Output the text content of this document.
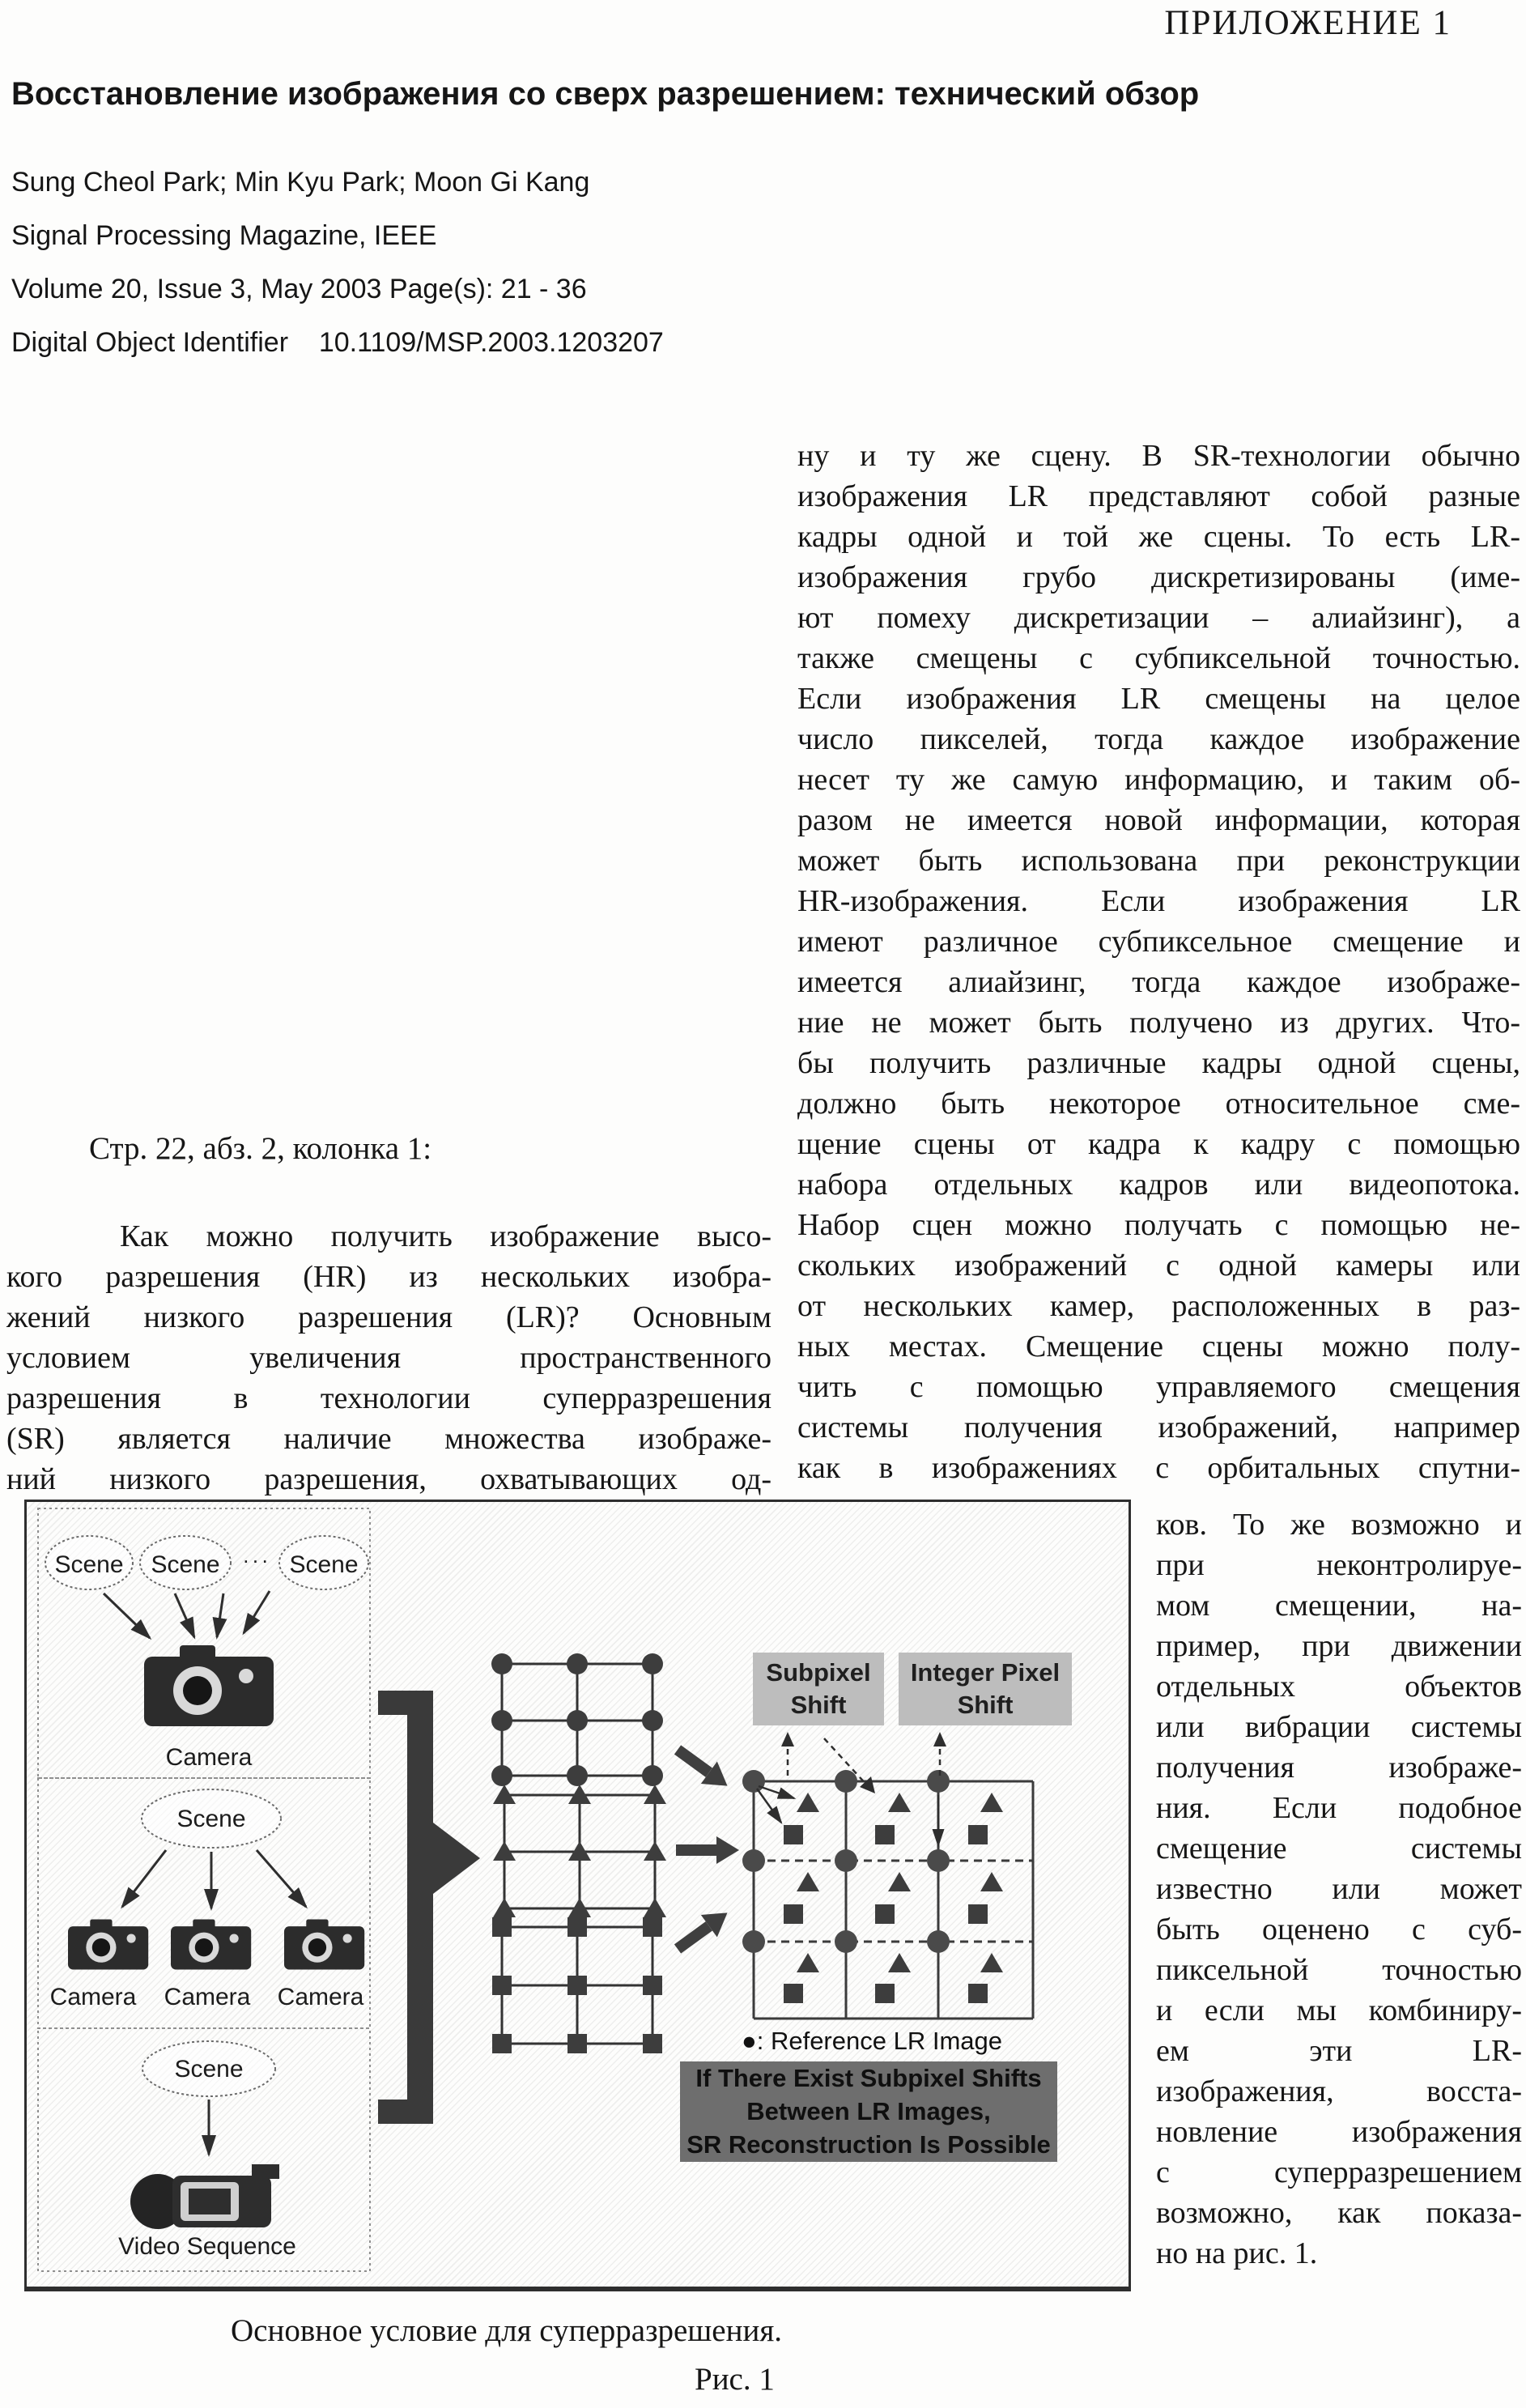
ПРИЛОЖЕНИЕ 1
Восстановление изображения со сверх разрешением: технический обзор
Sung Cheol Park; Min Kyu Park; Moon Gi Kang
Signal Processing Magazine, IEEE
Volume 20, Issue 3, May 2003 Page(s): 21 - 36
Digital Object Identifier    10.1109/MSP.2003.1203207
ну и ту же сцену. В SR-технологии обычно
изображения LR представляют собой разные
кадры одной и той же сцены. То есть LR-
изображения грубо дискретизированы (име-
ют помеху дискретизации – алиайзинг), а
также смещены с субпиксельной точностью.
Если изображения LR смещены на целое
число пикселей, тогда каждое изображение
несет ту же самую информацию, и таким об-
разом не имеется новой информации, которая
может быть использована при реконструкции
HR-изображения. Если изображения LR
имеют различное субпиксельное смещение и
имеется алиайзинг, тогда каждое изображе-
ние не может быть получено из других. Что-
бы получить различные кадры одной сцены,
должно быть некоторое относительное сме-
щение сцены от кадра к кадру с помощью
набора отдельных кадров или видеопотока.
Набор сцен можно получать с помощью не-
скольких изображений с одной камеры или
от нескольких камер, расположенных в раз-
ных местах. Смещение сцены можно полу-
чить с помощью управляемого смещения
системы получения изображений, например
как в изображениях с орбитальных спутни-
ков. То же возможно и
при неконтролируе-
мом смещении, на-
пример, при движении
отдельных объектов
или вибрации системы
получения изображе-
ния. Если подобное
смещение системы
известно или может
быть оценено с суб-
пиксельной точностью
и если мы комбиниру-
ем эти LR-
изображения, восста-
новление изображения
с суперразрешением
возможно, как показа-
но на рис. 1.
Стр. 22, абз. 2, колонка 1:
Как можно получить изображение высо-
кого разрешения (HR) из нескольких изобра-
жений низкого разрешения (LR)? Основным
условием увеличения пространственного
разрешения в технологии суперразрешения
(SR) является наличие множества изображе-
ний низкого разрешения, охватывающих од-
Scene Scene ··· Scene
Camera
Scene
Camera Camera Camera
Scene
Video Sequence
Subpixel
Shift
Integer Pixel
Shift
●: Reference LR Image
If There Exist Subpixel Shifts
Between LR Images,
SR Reconstruction Is Possible
Основное условие для суперразрешения.
Рис. 1
